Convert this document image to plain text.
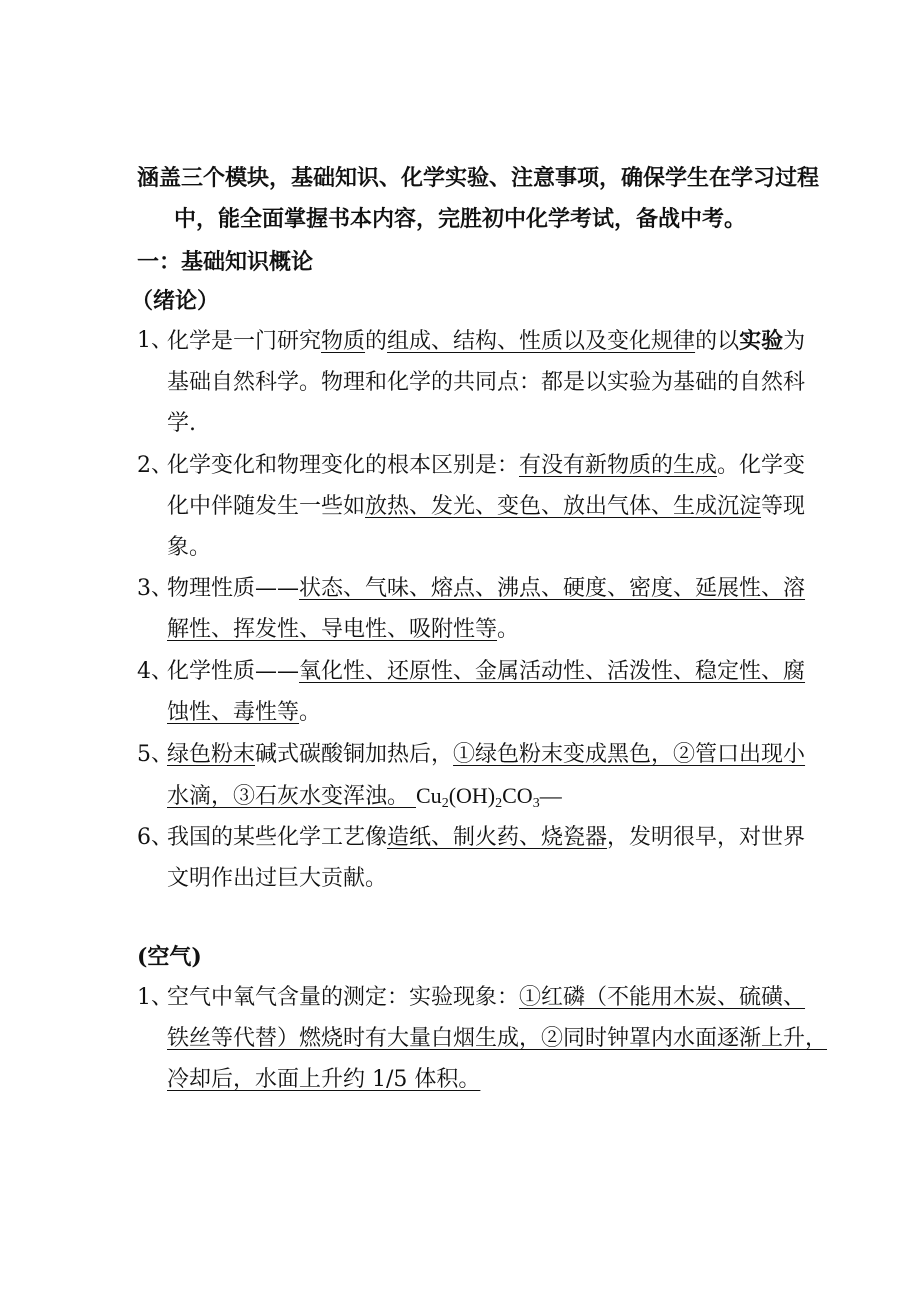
涵盖三个模块，基础知识、化学实验、注意事项，确保学生在学习过程
中，能全面掌握书本内容，完胜初中化学考试，备战中考。
一：基础知识概论
（绪论）
1、
化学是一门研究物质的组成、结构、性质以及变化规律的以实验为
基础自然科学。物理和化学的共同点：都是以实验为基础的自然科
学.
2、
化学变化和物理变化的根本区别是：有没有新物质的生成。化学变
化中伴随发生一些如放热、发光、变色、放出气体、生成沉淀等现
象。
3、
物理性质——状态、气味、熔点、沸点、硬度、密度、延展性、溶
解性、挥发性、导电性、吸附性等。
4、
化学性质——氧化性、还原性、金属活动性、活泼性、稳定性、腐
蚀性、毒性等。
5、
绿色粉末碱式碳酸铜加热后，①绿色粉末变成黑色，②管口出现小
水滴，③石灰水变浑浊。 $Cu_2(OH)_2CO_3—$
6、
我国的某些化学工艺像造纸、制火药、烧瓷器，发明很早，对世界
文明作出过巨大贡献。
(空气)
1、
空气中氧气含量的测定：实验现象：①红磷（不能用木炭、硫磺、
铁丝等代替）燃烧时有大量白烟生成，②同时钟罩内水面逐渐上升，
冷却后，水面上升约 1/5 体积。
